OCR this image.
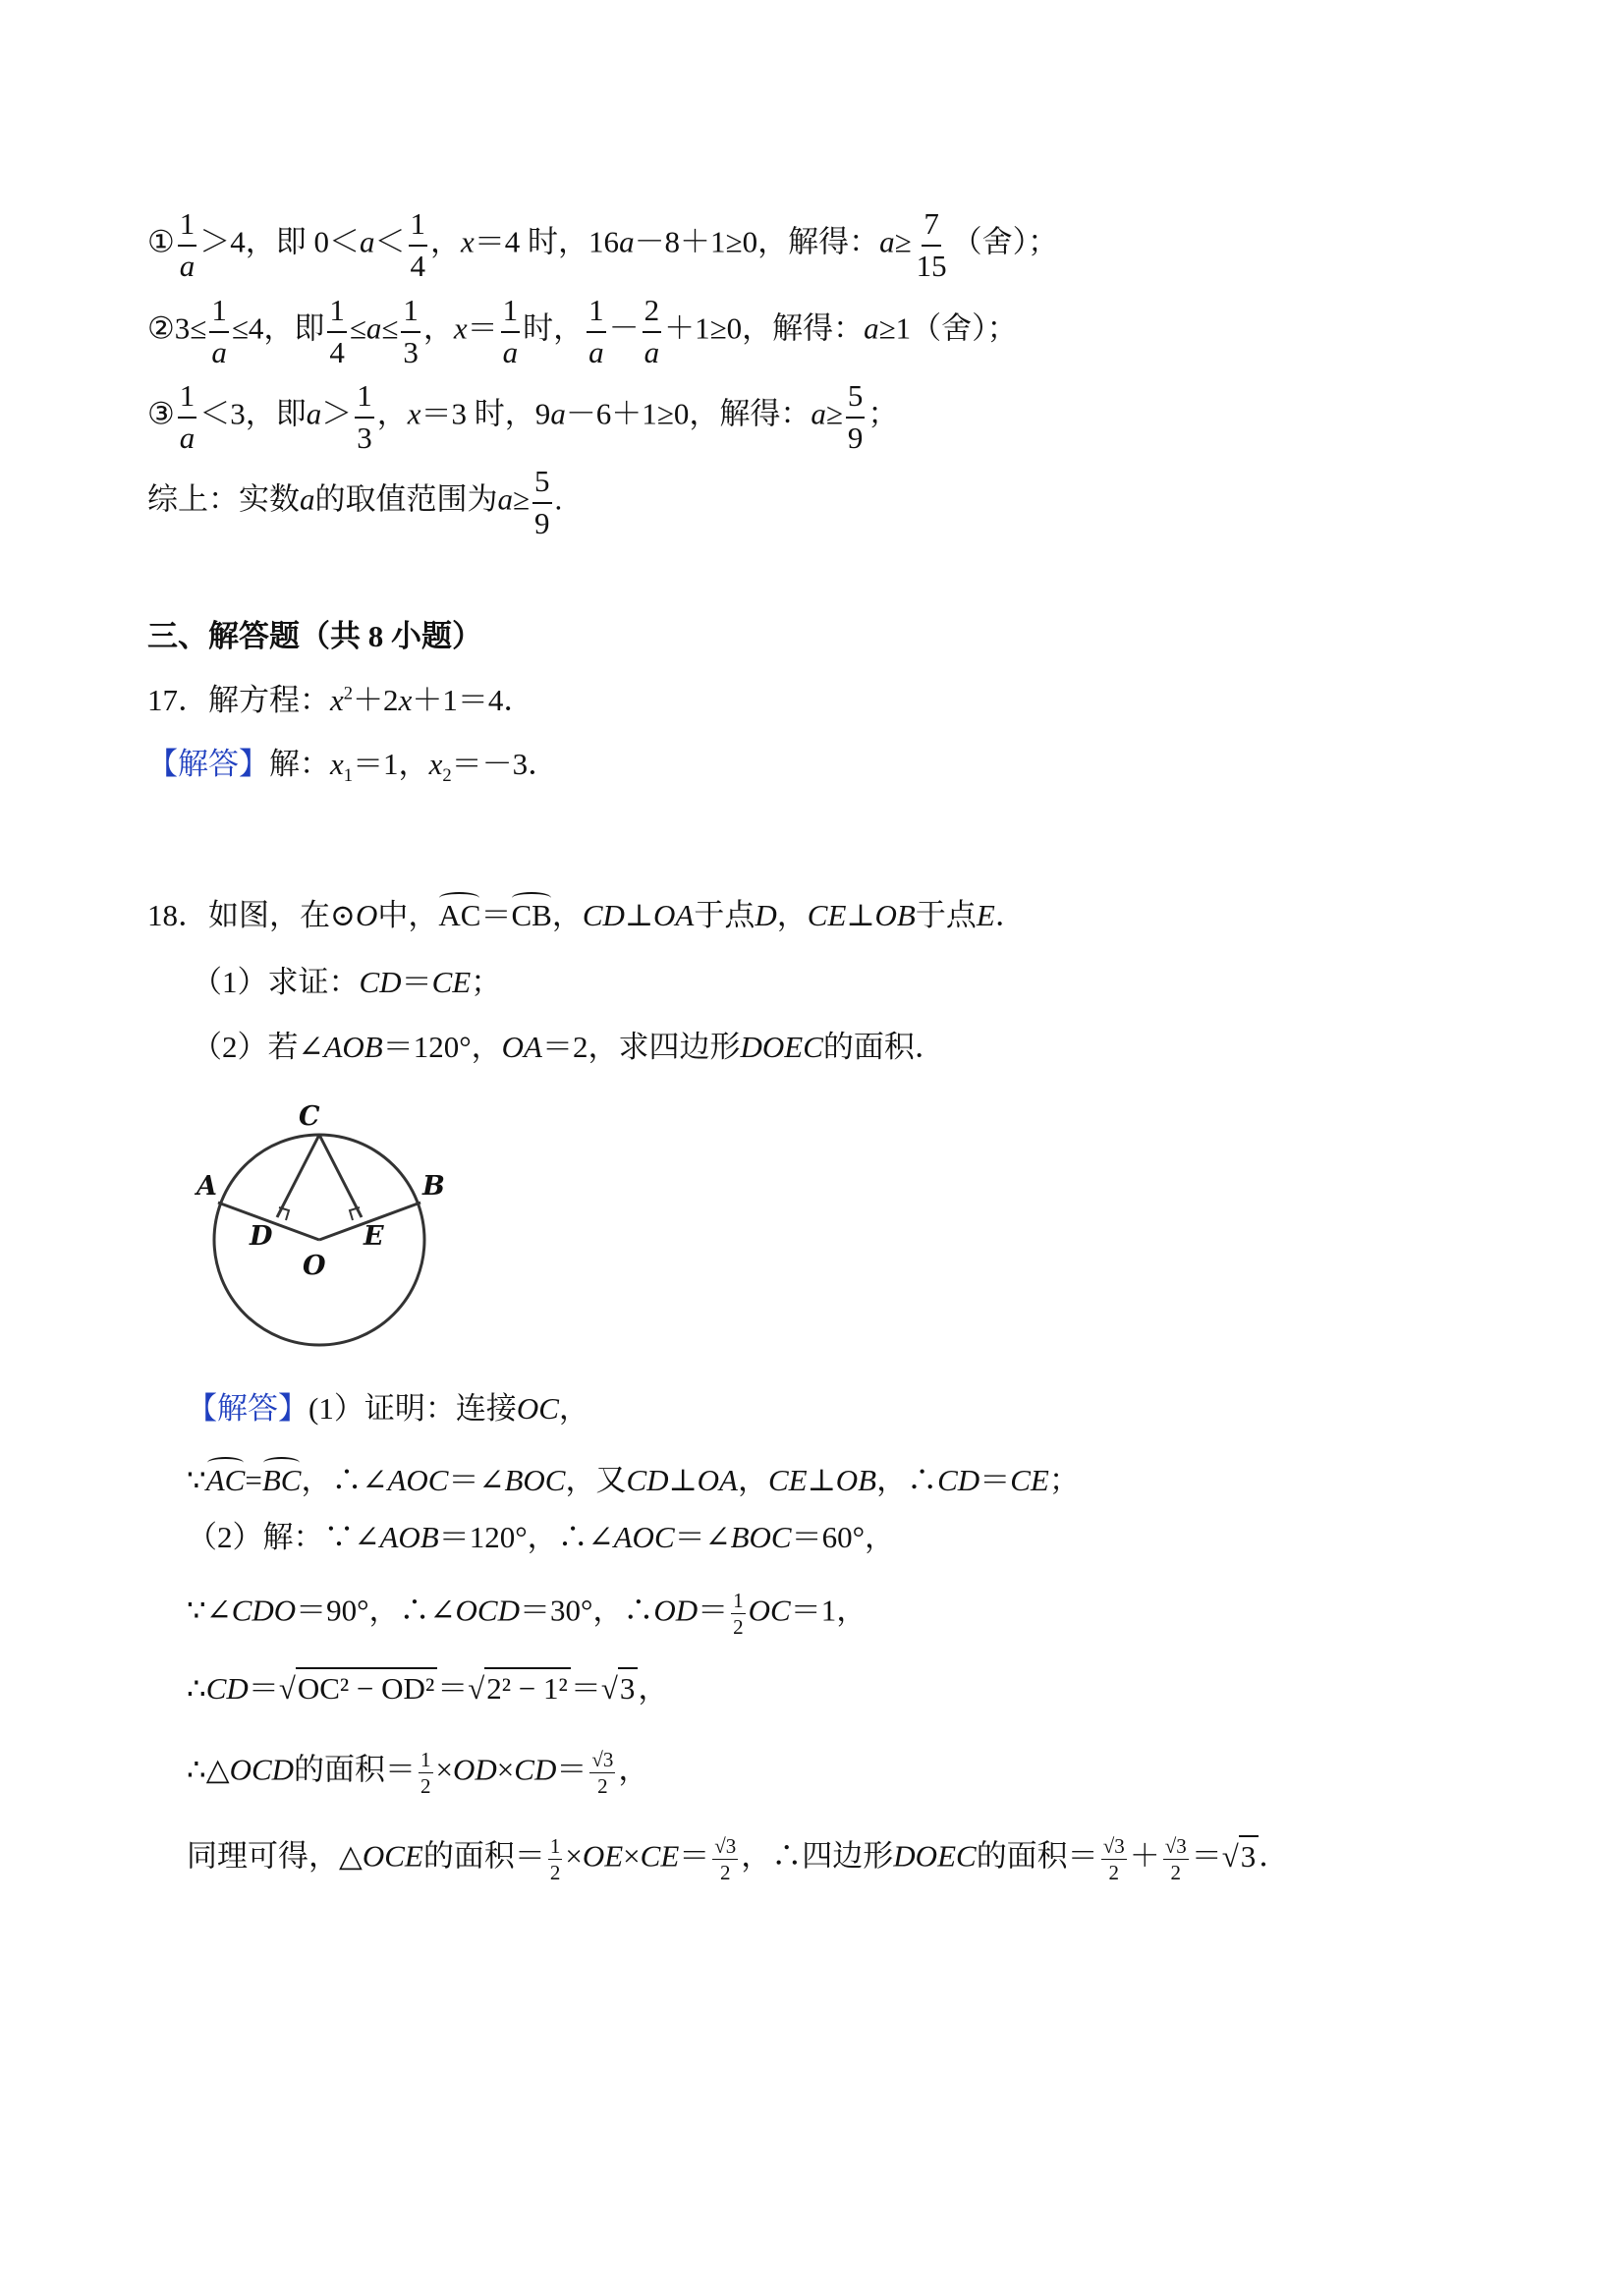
① $\frac{1}{a} >4$，即 $0<a< \frac{1}{4}$ ，x＝4 时，16a－8＋1≥0，解得：$a\ge \frac{7}{15}$ （舍）；
②3≤ $\frac{1}{a} \le 4$，即 $\frac{1}{4} \le a\le \frac{1}{3}$ ，$x= \frac{1}{a}$ 时， $\frac{1}{a} - \frac{2}{a} +1\ge 0$，解得：a≥1（舍）；
③ $\frac{1}{a} <3$，即$a> \frac{1}{3}$ ，x＝3 时，9a－6＋1≥0，解得：$a\ge \frac{5}{9}$ ；
综上：实数a的取值范围为$a\ge \frac{5}{9}$ .
三、解答题（共 8 小题）
17．解方程：$x^2+2x+1=4$．
【解答】解：$x_1=1$，$x_2=-3$．
18．如图，在⊙O中，AC＝CB，CD⊥OA于点D，CE⊥OB于点E．
（1）求证：CD＝CE；
（2）若∠AOB＝120°，OA＝2，求四边形DOEC的面积．
A	B
C
D	E
O
【解答】(1）证明：连接OC，
∵AC=BC，∴∠AOC＝∠BOC，又CD⊥OA，CE⊥OB，∴CD＝CE；
（2）解：∵∠AOB＝120°，∴∠AOC＝∠BOC＝60°，
∵∠CDO＝90°，∴∠OCD＝30°，∴OD＝ $\frac{1}{2} OC=1$，
∴CD＝√OC² − OD²＝√2² − 1²＝√3，
∴△OCD的面积＝ $\frac{1}{2} \times OD\times CD= \frac{√3}{2}$ ，
同理可得，△OCE的面积＝ $\frac{1}{2} \times OE\times CE= \frac{√3}{2}$ ，∴四边形DOEC的面积＝ $\frac{√3}{2} + \frac{√3}{2} =√3$．
